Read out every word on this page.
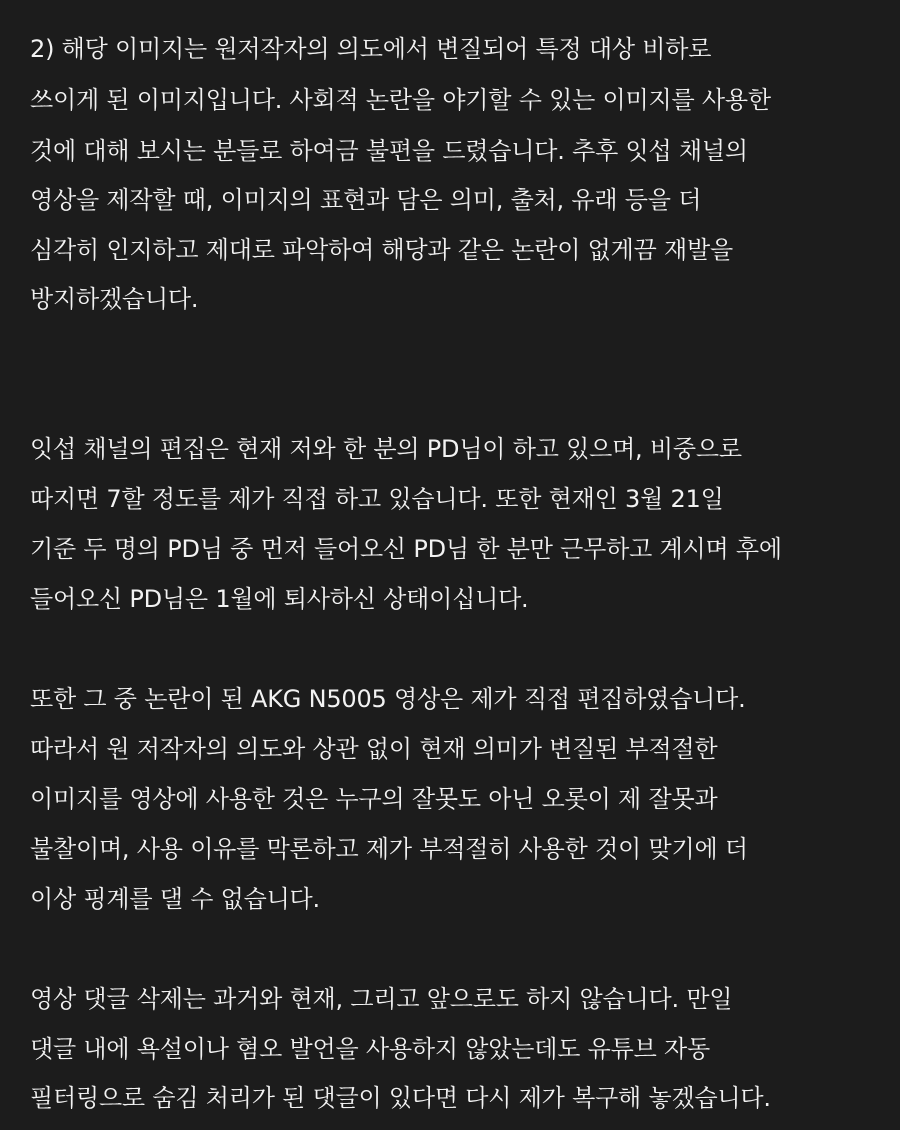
2) 해당 이미지는 원저작자의 의도에서 변질되어 특정 대상 비하로
쓰이게 된 이미지입니다. 사회적 논란을 야기할 수 있는 이미지를 사용한
것에 대해 보시는 분들로 하여금 불편을 드렸습니다. 추후 잇섭 채널의
영상을 제작할 때, 이미지의 표현과 담은 의미, 출처, 유래 등을 더
심각히 인지하고 제대로 파악하여 해당과 같은 논란이 없게끔 재발을
방지하겠습니다.
잇섭 채널의 편집은 현재 저와 한 분의 PD님이 하고 있으며, 비중으로
따지면 7할 정도를 제가 직접 하고 있습니다. 또한 현재인 3월 21일
기준 두 명의 PD님 중 먼저 들어오신 PD님 한 분만 근무하고 계시며 후에
들어오신 PD님은 1월에 퇴사하신 상태이십니다.
또한 그 중 논란이 된 AKG N5005 영상은 제가 직접 편집하였습니다.
따라서 원 저작자의 의도와 상관 없이 현재 의미가 변질된 부적절한
이미지를 영상에 사용한 것은 누구의 잘못도 아닌 오롯이 제 잘못과
불찰이며, 사용 이유를 막론하고 제가 부적절히 사용한 것이 맞기에 더
이상 핑계를 댈 수 없습니다.
영상 댓글 삭제는 과거와 현재, 그리고 앞으로도 하지 않습니다. 만일
댓글 내에 욕설이나 혐오 발언을 사용하지 않았는데도 유튜브 자동
필터링으로 숨김 처리가 된 댓글이 있다면 다시 제가 복구해 놓겠습니다.
